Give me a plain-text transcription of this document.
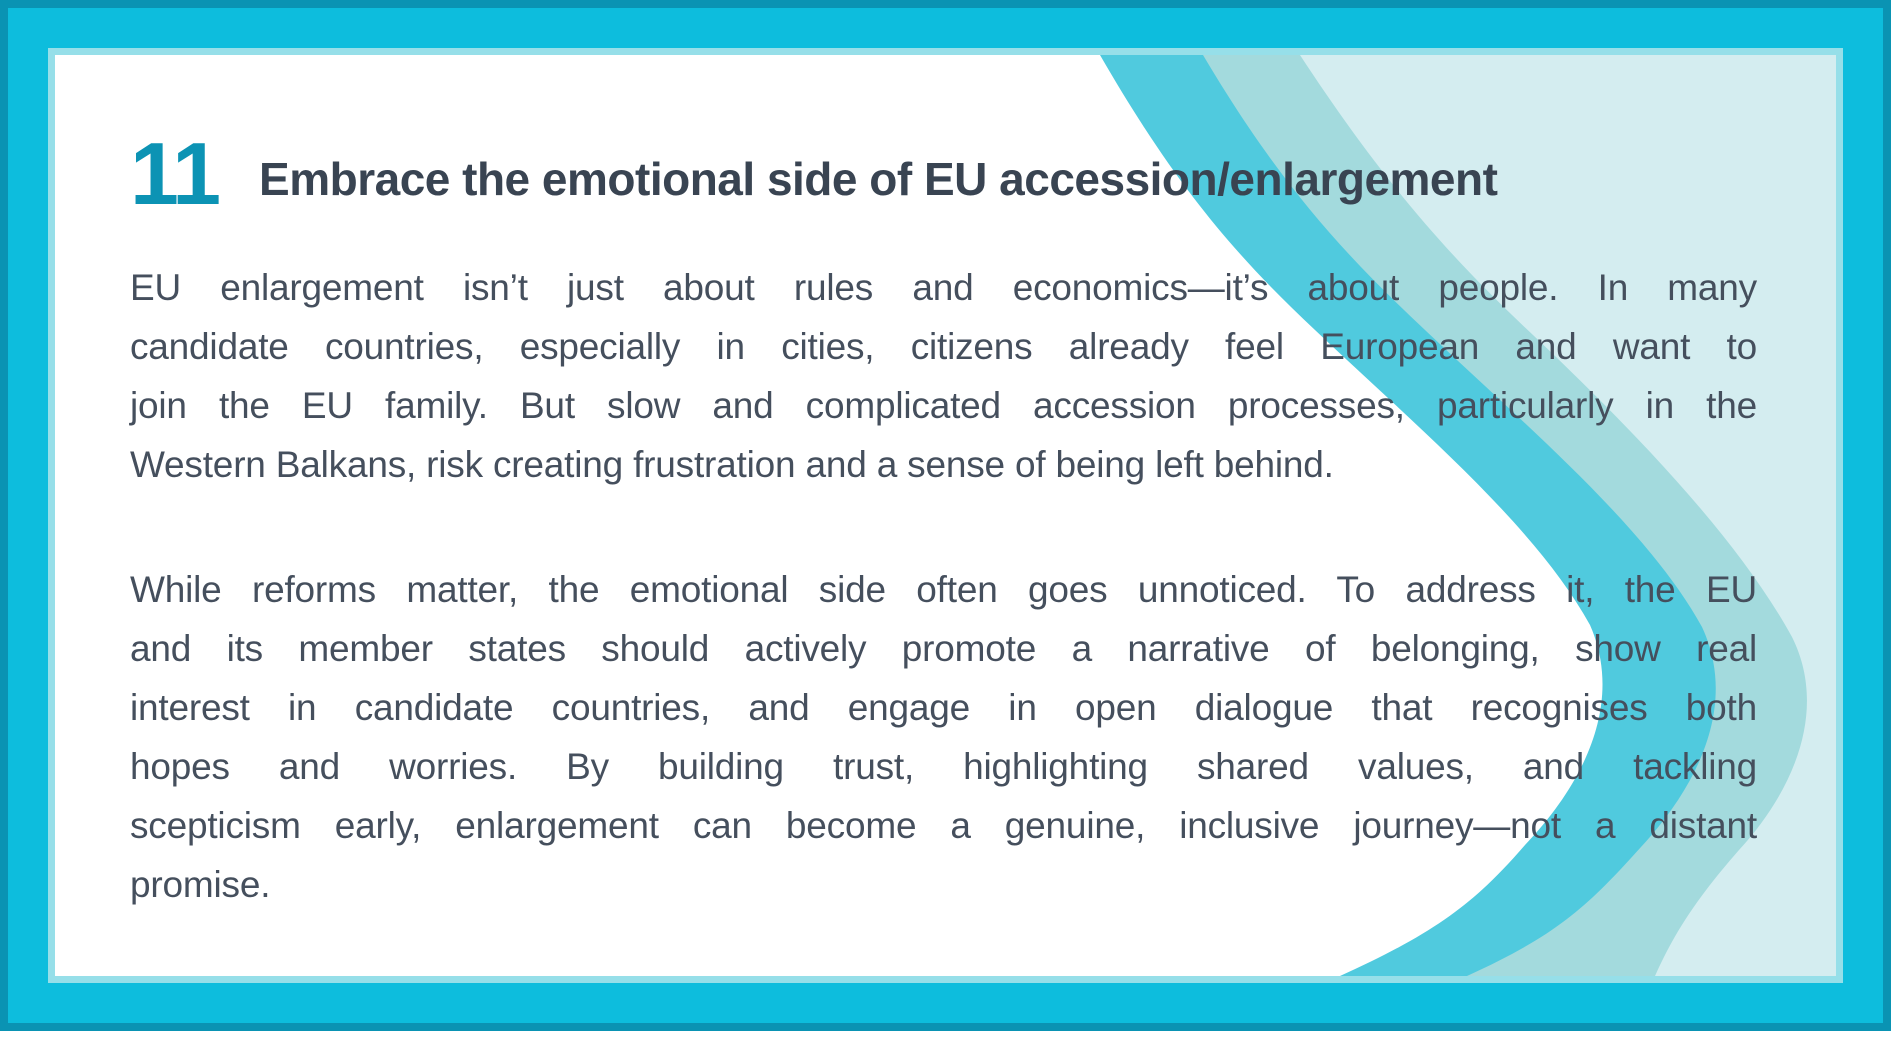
11 Embrace the emotional side of EU accession/enlargement
EU enlargement isn’t just about rules and economics—it’s about people. In many
candidate countries, especially in cities, citizens already feel European and want to
join the EU family. But slow and complicated accession processes, particularly in the
Western Balkans, risk creating frustration and a sense of being left behind.
While reforms matter, the emotional side often goes unnoticed. To address it, the EU
and its member states should actively promote a narrative of belonging, show real
interest in candidate countries, and engage in open dialogue that recognises both
hopes and worries. By building trust, highlighting shared values, and tackling
scepticism early, enlargement can become a genuine, inclusive journey—not a distant
promise.
